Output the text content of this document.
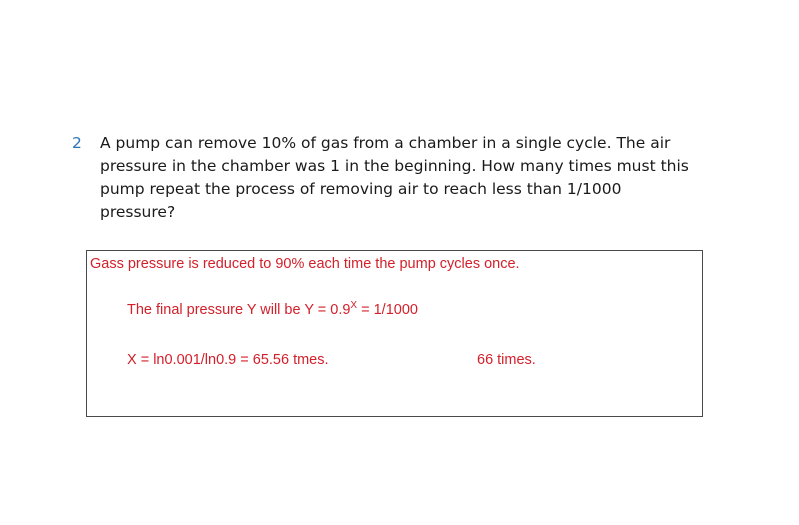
2 A pump can remove 10% of gas from a chamber in a single cycle. The air
pressure in the chamber was 1 in the beginning. How many times must this
pump repeat the process of removing air to reach less than 1/1000 pressure?
Gass pressure is reduced to 90% each time the pump cycles once.
The final pressure Y will be $Y = 0.9^X = 1/1000$
X = ln0.001/ln0.9 = 65.56 tmes.	66 times.
